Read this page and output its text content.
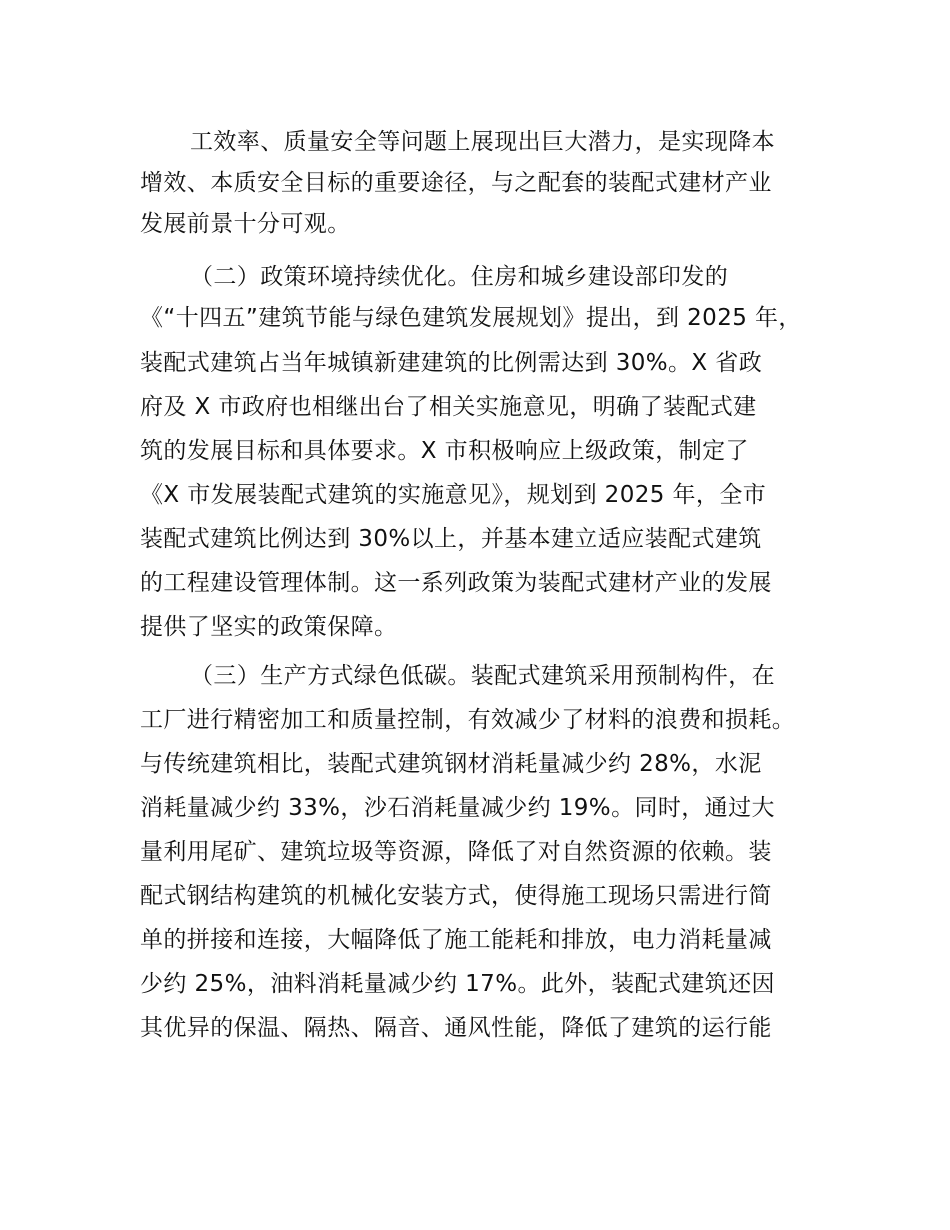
工效率、质量安全等问题上展现出巨大潜力，是实现降本
增效、本质安全目标的重要途径，与之配套的装配式建材产业
发展前景十分可观。
（二）政策环境持续优化。住房和城乡建设部印发的
《“十四五”建筑节能与绿色建筑发展规划》提出，到 2025 年，
装配式建筑占当年城镇新建建筑的比例需达到 30%。X 省政
府及 X 市政府也相继出台了相关实施意见，明确了装配式建
筑的发展目标和具体要求。X 市积极响应上级政策，制定了
《X 市发展装配式建筑的实施意见》，规划到 2025 年，全市
装配式建筑比例达到 30%以上，并基本建立适应装配式建筑
的工程建设管理体制。这一系列政策为装配式建材产业的发展
提供了坚实的政策保障。
（三）生产方式绿色低碳。装配式建筑采用预制构件，在
工厂进行精密加工和质量控制，有效减少了材料的浪费和损耗。
与传统建筑相比，装配式建筑钢材消耗量减少约 28%，水泥
消耗量减少约 33%，沙石消耗量减少约 19%。同时，通过大
量利用尾矿、建筑垃圾等资源，降低了对自然资源的依赖。装
配式钢结构建筑的机械化安装方式，使得施工现场只需进行简
单的拼接和连接，大幅降低了施工能耗和排放，电力消耗量减
少约 25%，油料消耗量减少约 17%。此外，装配式建筑还因
其优异的保温、隔热、隔音、通风性能，降低了建筑的运行能
